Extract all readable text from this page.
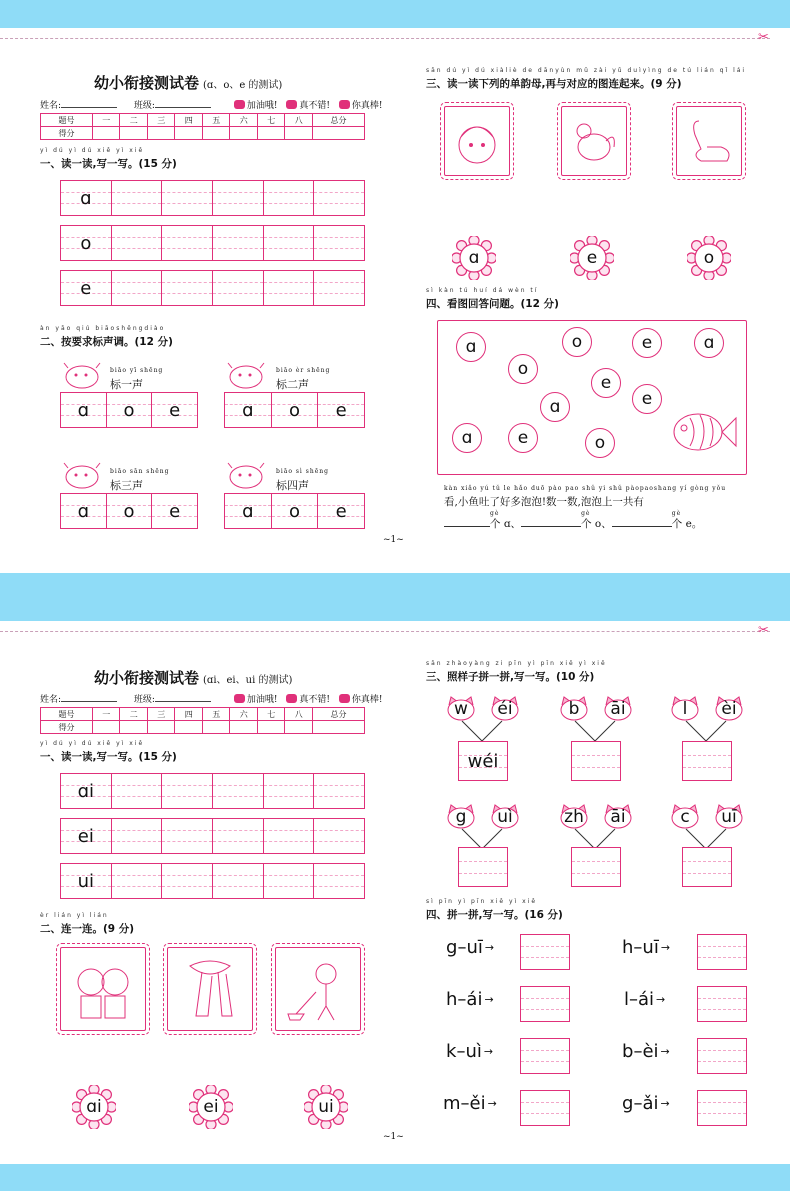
✂
幼小衔接测试卷 (ɑ、o、e 的测试)
姓名:	班级:	加油哦! 真不错! 你真棒!
题号	一	二	三	四	五	六	七	八	总分
得分									
yì dú yì dú xiě yì xiě
一、读一读,写一写。(15 分)
ɑ
o
e
àn yāo qiú biāoshēngdiào
二、按要求标声调。(12 分)
biāo yī shēng
标一声
ɑ o e
biāo èr shēng
标二声
ɑ o e
biāo sān shēng
标三声
ɑ o e
biāo sì shēng
标四声
ɑ o e
sān dú yì dú xiàliè de dānyùn mǔ zài yǔ duìyìng de tú lián qǐ lái
三、读一读下列的单韵母,再与对应的图连起来。(9 分)
ɑ	e	o
sì kàn tú huí dá wèn tí
四、看图回答问题。(12 分)
ɑ	o	e	ɑ
o
e
ɑ	e
ɑ	e	o
kàn xiǎo yú tǔ le hǎo duō pào pao shǔ yi shǔ pàopaoshang yí gòng yǒu
看,小鱼吐了好多泡泡!数一数,泡泡上一共有
gè
个 ɑ、
gè
个 o、
gè
个 e。
~1~
✂
幼小衔接测试卷 (ɑi、ei、ui 的测试)
姓名:	班级:	加油哦! 真不错! 你真棒!
题号	一	二	三	四	五	六	七	八	总分
得分									
yì dú yì dú xiě yì xiě
一、读一读,写一写。(15 分)
ɑi
ei
ui
èr lián yì lián
二、连一连。(9 分)
ɑi	ei	ui
sān zhàoyàng zi pīn yì pīn xiě yì xiě
三、照样子拼一拼,写一写。(10 分)
w	éi
wéi
b	āi	l	èi
g	uì	zh	āi	c	uī
sì pīn yì pīn xiě yì xiě
四、拼一拼,写一写。(16 分)
g – uī →	h – uī →
h – ái →	l – ái →
k – uì →	b – èi →
m – ěi →	g – ǎi →
~1~
